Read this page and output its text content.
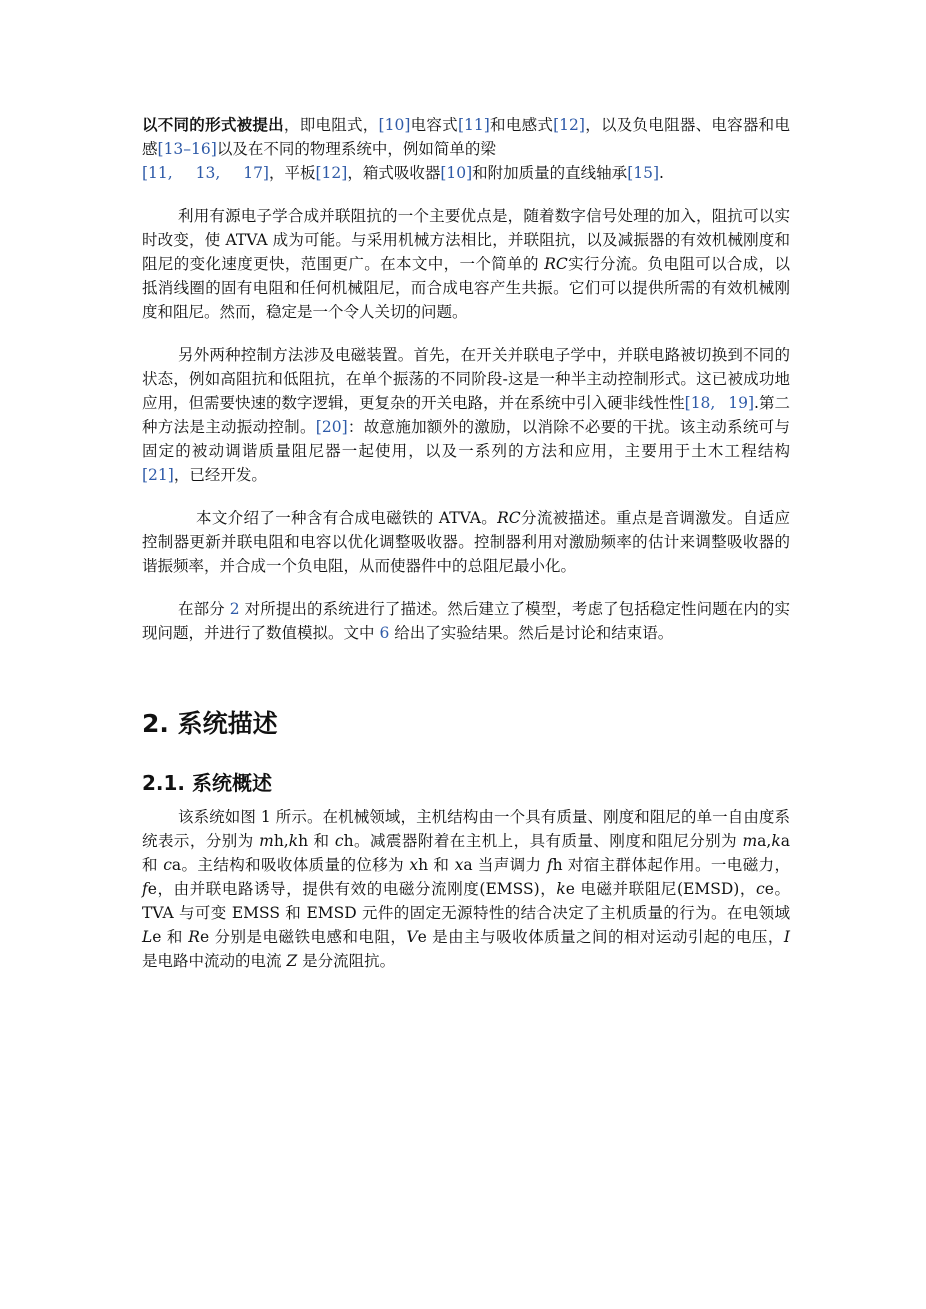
以不同的形式被提出，即电阻式，[10]电容式[11]和电感式[12]，以及负电阻器、电容器和电感[13–16]以及在不同的物理系统中，例如简单的梁
[11, 13, 17]，平板[12]，箱式吸收器[10]和附加质量的直线轴承[15].

利用有源电子学合成并联阻抗的一个主要优点是，随着数字信号处理的加入，阻抗可以实时改变，使 ATVA 成为可能。与采用机械方法相比，并联阻抗，以及减振器的有效机械刚度和阻尼的变化速度更快，范围更广。在本文中，一个简单的 RC实行分流。负电阻可以合成，以抵消线圈的固有电阻和任何机械阻尼，而合成电容产生共振。它们可以提供所需的有效机械刚度和阻尼。然而，稳定是一个令人关切的问题。

另外两种控制方法涉及电磁装置。首先，在开关并联电子学中，并联电路被切换到不同的状态，例如高阻抗和低阻抗，在单个振荡的不同阶段-这是一种半主动控制形式。这已被成功地应用，但需要快速的数字逻辑，更复杂的开关电路，并在系统中引入硬非线性性[18, 19].第二种方法是主动振动控制。[20]：故意施加额外的激励，以消除不必要的干扰。该主动系统可与固定的被动调谐质量阻尼器一起使用，以及一系列的方法和应用，主要用于土木工程结构[21]，已经开发。

本文介绍了一种含有合成电磁铁的 ATVA。RC分流被描述。重点是音调激发。自适应控制器更新并联电阻和电容以优化调整吸收器。控制器利用对激励频率的估计来调整吸收器的谐振频率，并合成一个负电阻，从而使器件中的总阻尼最小化。

在部分 2 对所提出的系统进行了描述。然后建立了模型，考虑了包括稳定性问题在内的实现问题，并进行了数值模拟。文中 6 给出了实验结果。然后是讨论和结束语。

2. 系统描述
2.1. 系统概述

该系统如图 1 所示。在机械领域，主机结构由一个具有质量、刚度和阻尼的单一自由度系统表示，分别为 mh,kh 和 ch。减震器附着在主机上，具有质量、刚度和阻尼分别为 ma,ka 和 ca。主结构和吸收体质量的位移为 xh 和 xa 当声调力 fh 对宿主群体起作用。一电磁力， fe，由并联电路诱导，提供有效的电磁分流刚度(EMSS)，ke 电磁并联阻尼(EMSD)，ce。TVA 与可变 EMSS 和 EMSD 元件的固定无源特性的结合决定了主机质量的行为。在电领域 Le 和 Re 分别是电磁铁电感和电阻，Ve 是由主与吸收体质量之间的相对运动引起的电压，I 是电路中流动的电流 Z 是分流阻抗。
